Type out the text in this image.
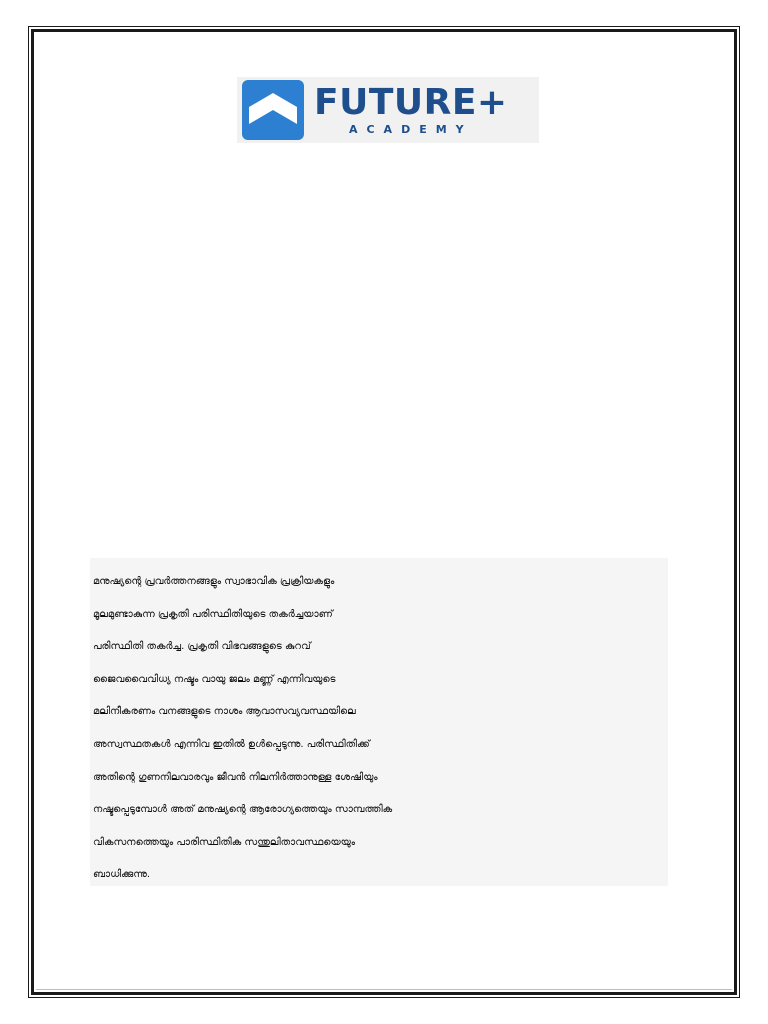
FUTURE+
ACADEMY

മനുഷ്യന്റെ പ്രവർത്തനങ്ങളും സ്വാഭാവിക പ്രക്രിയകളും

മൂലമുണ്ടാകുന്ന പ്രകൃതി പരിസ്ഥിതിയുടെ തകർച്ചയാണ്

പരിസ്ഥിതി തകർച്ച. പ്രകൃതി വിഭവങ്ങളുടെ കുറവ്

ജൈവവൈവിധ്യ നഷ്ടം വായു ജലം മണ്ണ് എന്നിവയുടെ

മലിനീകരണം വനങ്ങളുടെ നാശം ആവാസവ്യവസ്ഥയിലെ

അസ്വസ്ഥതകൾ എന്നിവ ഇതിൽ ഉൾപ്പെടുന്നു. പരിസ്ഥിതിക്ക്

അതിന്റെ ഗുണനിലവാരവും ജീവൻ നിലനിർത്താനുള്ള ശേഷിയും

നഷ്ടപ്പെടുമ്പോൾ അത് മനുഷ്യന്റെ ആരോഗ്യത്തെയും സാമ്പത്തിക

വികസനത്തെയും പാരിസ്ഥിതിക സന്തുലിതാവസ്ഥയെയും

ബാധിക്കുന്നു.
